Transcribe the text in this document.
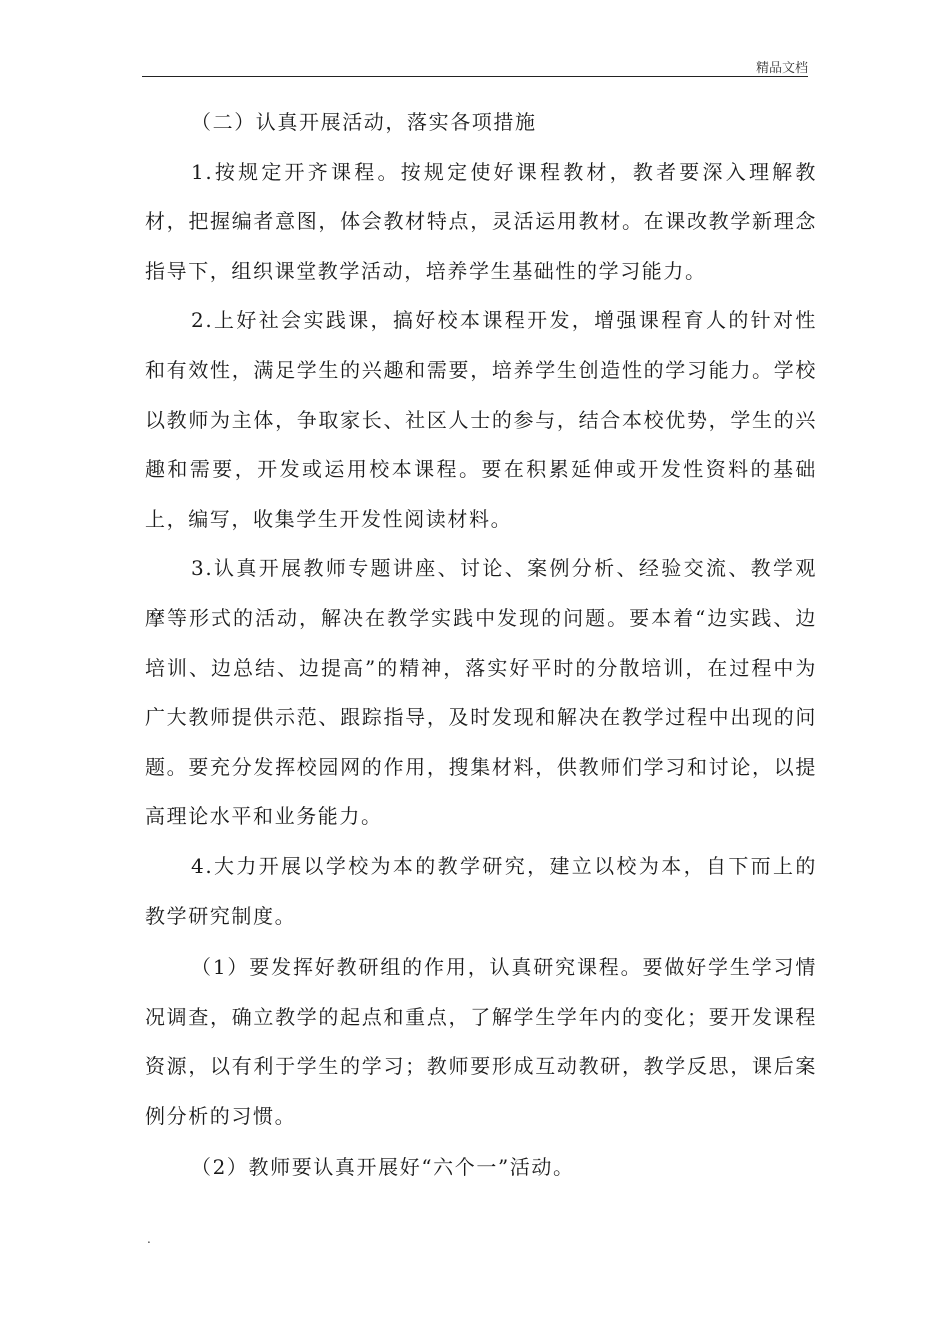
精品文档

（二）认真开展活动，落实各项措施

1.按规定开齐课程。按规定使好课程教材，教者要深入理解教材，把握编者意图，体会教材特点，灵活运用教材。在课改教学新理念指导下，组织课堂教学活动，培养学生基础性的学习能力。

2.上好社会实践课，搞好校本课程开发，增强课程育人的针对性和有效性，满足学生的兴趣和需要，培养学生创造性的学习能力。学校以教师为主体，争取家长、社区人士的参与，结合本校优势，学生的兴趣和需要，开发或运用校本课程。要在积累延伸或开发性资料的基础上，编写，收集学生开发性阅读材料。

3.认真开展教师专题讲座、讨论、案例分析、经验交流、教学观摩等形式的活动，解决在教学实践中发现的问题。要本着“边实践、边培训、边总结、边提高”的精神，落实好平时的分散培训，在过程中为广大教师提供示范、跟踪指导，及时发现和解决在教学过程中出现的问题。要充分发挥校园网的作用，搜集材料，供教师们学习和讨论，以提高理论水平和业务能力。

4.大力开展以学校为本的教学研究，建立以校为本，自下而上的教学研究制度。

（1）要发挥好教研组的作用，认真研究课程。要做好学生学习情况调查，确立教学的起点和重点，了解学生学年内的变化；要开发课程资源，以有利于学生的学习；教师要形成互动教研，教学反思，课后案例分析的习惯。

（2）教师要认真开展好“六个一”活动。

.
